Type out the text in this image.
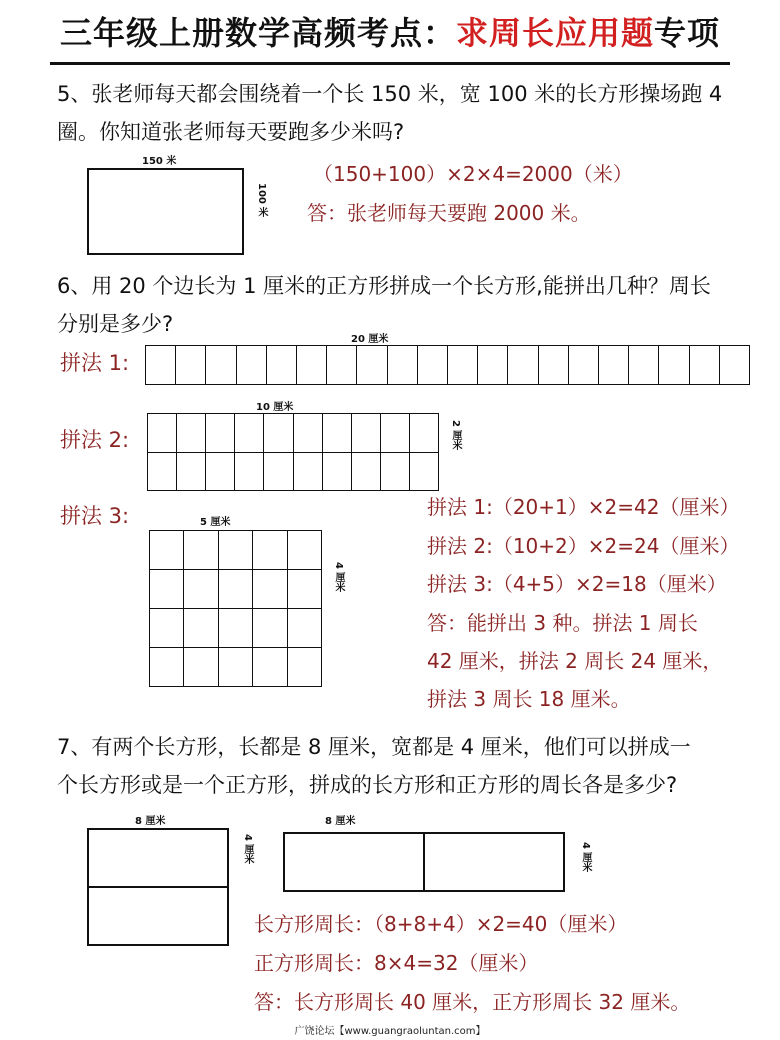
三年级上册数学高频考点：求周长应用题专项
5、张老师每天都会围绕着一个长 150 米，宽 100 米的长方形操场跑 4
圈。你知道张老师每天要跑多少米吗?
150 米
100 米
（150+100）×2×4=2000（米）
答：张老师每天要跑 2000 米。
6、用 20 个边长为 1 厘米的正方形拼成一个长方形,能拼出几种？周长
分别是多少?
拼法 1:
20 厘米
拼法 2:
10 厘米
2 厘米
拼法 3:	5 厘米
4 厘米
拼法 1:（20+1）×2=42（厘米）
拼法 2:（10+2）×2=24（厘米）
拼法 3:（4+5）×2=18（厘米）
答：能拼出 3 种。拼法 1 周长
42 厘米，拼法 2 周长 24 厘米，
拼法 3 周长 18 厘米。
7、有两个长方形，长都是 8 厘米，宽都是 4 厘米，他们可以拼成一
个长方形或是一个正方形，拼成的长方形和正方形的周长各是多少?
8 厘米
4 厘米
8 厘米
4 厘米
长方形周长：（8+8+4）×2=40（厘米）
正方形周长：8×4=32（厘米）
答：长方形周长 40 厘米，正方形周长 32 厘米。
广饶论坛【www.guangraoluntan.com】
